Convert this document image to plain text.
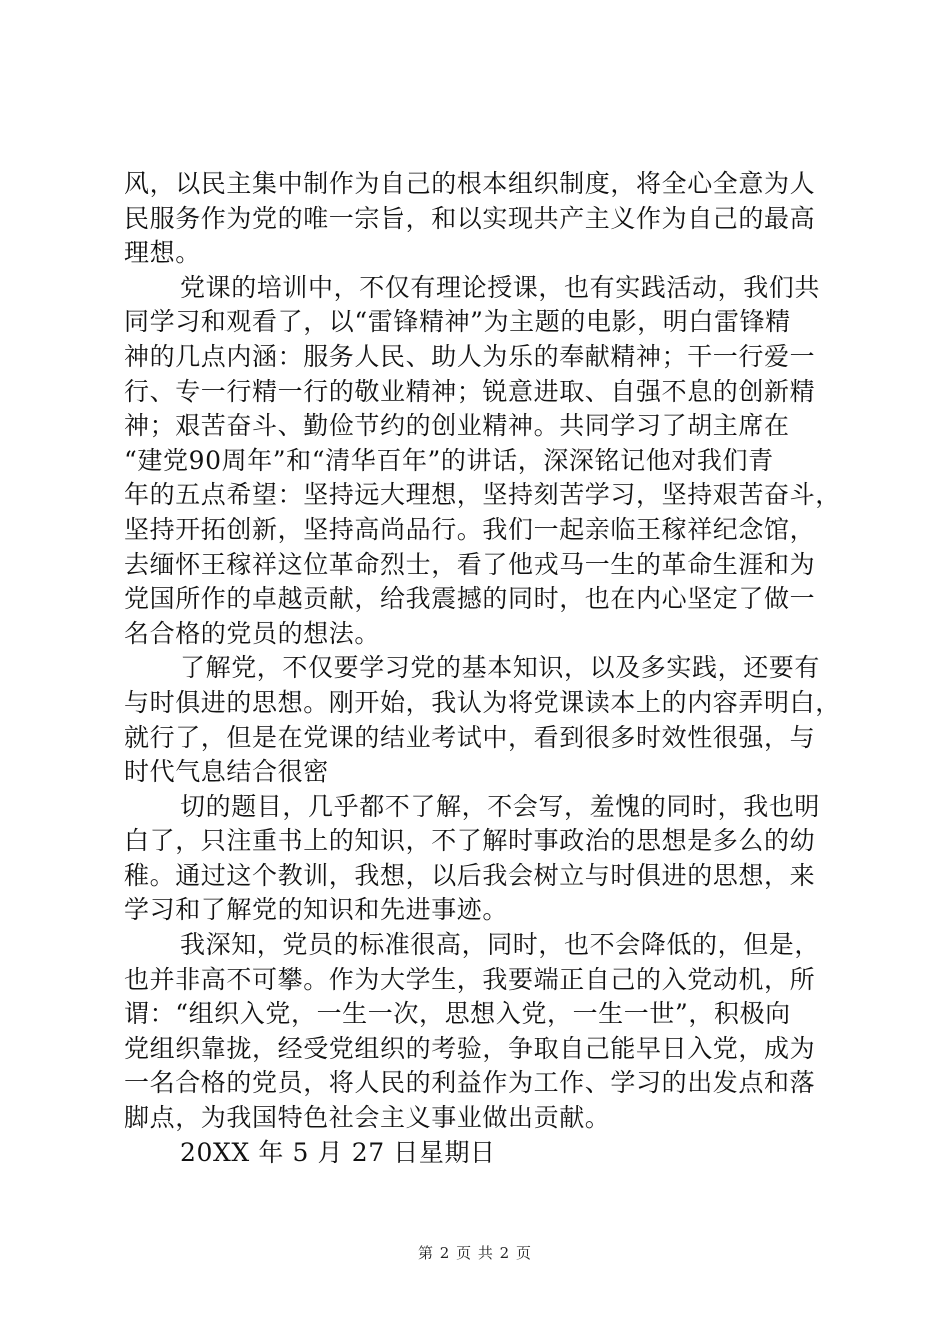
风，以民主集中制作为自己的根本组织制度，将全心全意为人
民服务作为党的唯一宗旨，和以实现共产主义作为自己的最高
理想。
党课的培训中，不仅有理论授课，也有实践活动，我们共
同学习和观看了，以“雷锋精神”为主题的电影，明白雷锋精
神的几点内涵：服务人民、助人为乐的奉献精神；干一行爱一
行、专一行精一行的敬业精神；锐意进取、自强不息的创新精
神；艰苦奋斗、勤俭节约的创业精神。共同学习了胡主席在
“建党90周年”和“清华百年”的讲话，深深铭记他对我们青
年的五点希望：坚持远大理想，坚持刻苦学习，坚持艰苦奋斗，
坚持开拓创新，坚持高尚品行。我们一起亲临王稼祥纪念馆，
去缅怀王稼祥这位革命烈士，看了他戎马一生的革命生涯和为
党国所作的卓越贡献，给我震撼的同时，也在内心坚定了做一
名合格的党员的想法。
了解党，不仅要学习党的基本知识，以及多实践，还要有
与时俱进的思想。刚开始，我认为将党课读本上的内容弄明白，
就行了，但是在党课的结业考试中，看到很多时效性很强，与
时代气息结合很密
切的题目，几乎都不了解，不会写，羞愧的同时，我也明
白了，只注重书上的知识，不了解时事政治的思想是多么的幼
稚。通过这个教训，我想，以后我会树立与时俱进的思想，来
学习和了解党的知识和先进事迹。
我深知，党员的标准很高，同时，也不会降低的，但是，
也并非高不可攀。作为大学生，我要端正自己的入党动机，所
谓：“组织入党，一生一次，思想入党，一生一世”，积极向
党组织靠拢，经受党组织的考验，争取自己能早日入党，成为
一名合格的党员，将人民的利益作为工作、学习的出发点和落
脚点，为我国特色社会主义事业做出贡献。
20XX 年 5 月 27 日星期日
第 2 页 共 2 页
